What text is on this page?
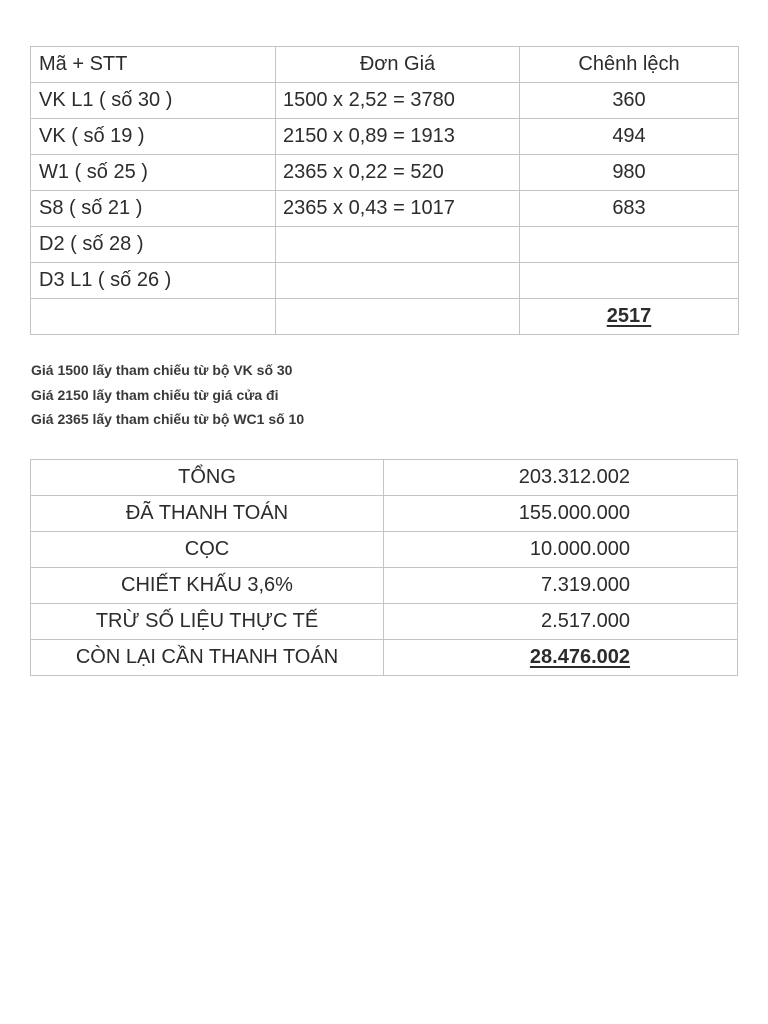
Mã + STT	Đơn Giá	Chênh lệch
VK L1 ( số 30 )	1500 x 2,52 = 3780	360
VK ( số 19 )	2150 x 0,89 = 1913	494
W1 ( số 25 )	2365 x 0,22 = 520	980
S8 ( số 21 )	2365 x 0,43 = 1017	683
D2 ( số 28 )		
D3 L1 ( số 26 )		
		2517
Giá 1500 lấy tham chiếu từ bộ VK số 30
Giá 2150 lấy tham chiếu từ giá cửa đi
Giá 2365 lấy tham chiếu từ bộ WC1 số 10
TỔNG	203.312.002
ĐÃ THANH TOÁN	155.000.000
CỌC	10.000.000
CHIẾT KHẤU 3,6%	7.319.000
TRỪ SỐ LIỆU THỰC TẾ	2.517.000
CÒN LẠI CẦN THANH TOÁN	28.476.002
